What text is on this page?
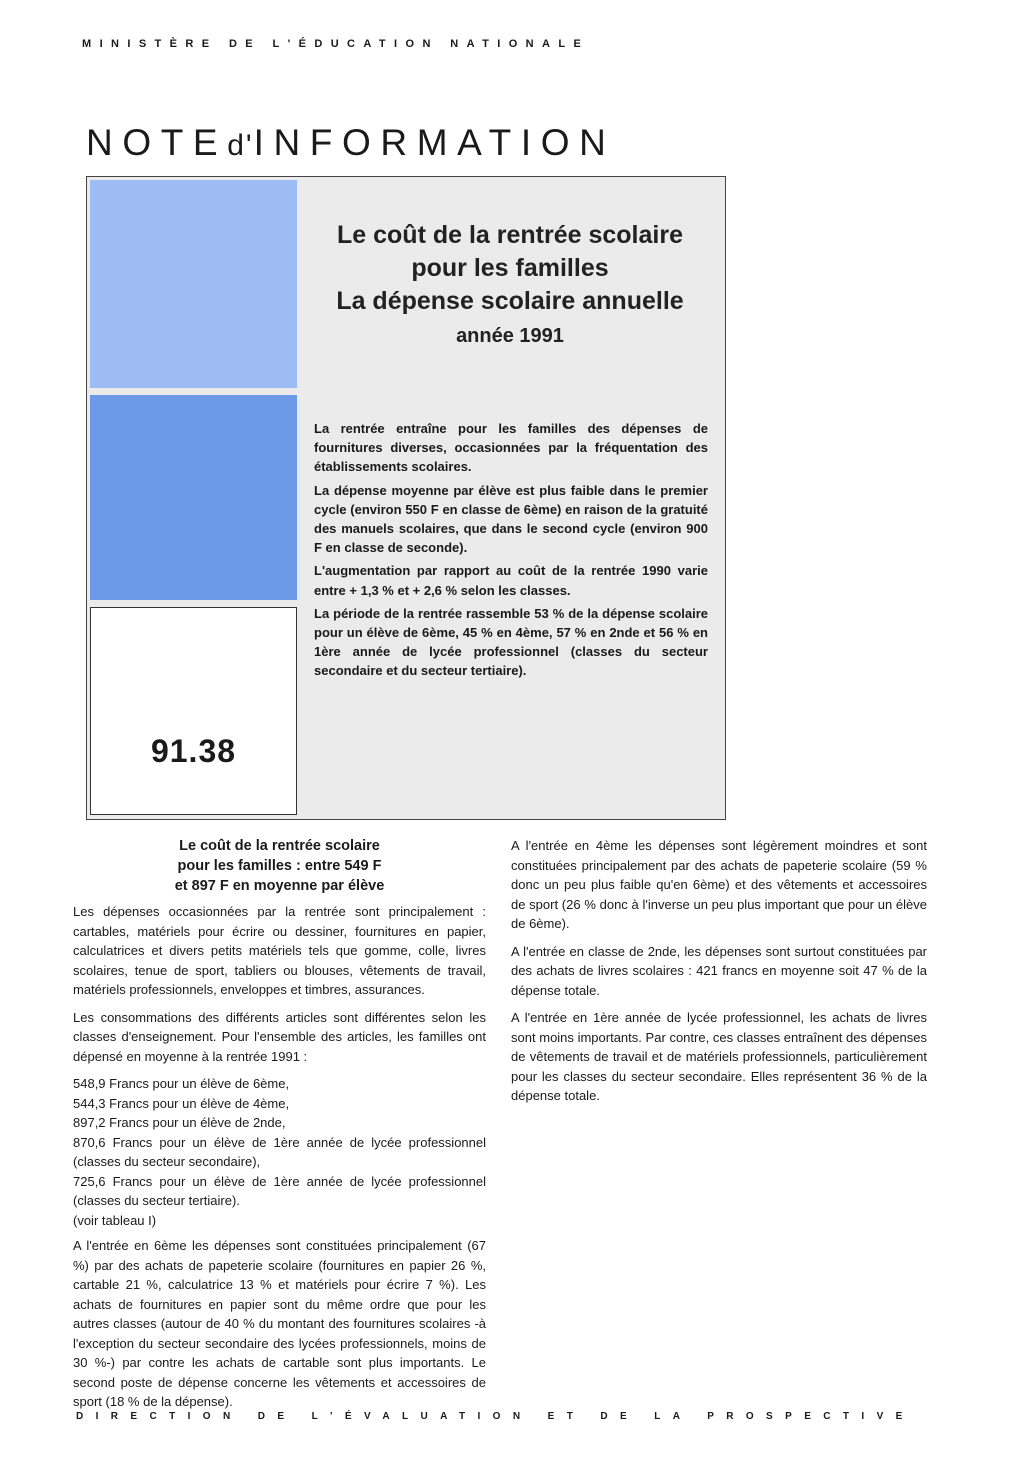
MINISTÈRE DE L'ÉDUCATION NATIONALE
NOTEd'INFORMATION
91.38
Le coût de la rentrée scolaire
pour les familles
La dépense scolaire annuelle
année 1991

La rentrée entraîne pour les familles des dépenses de fournitures diverses, occasionnées par la fréquentation des établissements scolaires.

La dépense moyenne par élève est plus faible dans le premier cycle (environ 550 F en classe de 6ème) en raison de la gratuité des manuels scolaires, que dans le second cycle (environ 900 F en classe de seconde).

L'augmentation par rapport au coût de la rentrée 1990 varie entre + 1,3 % et + 2,6 % selon les classes.

La période de la rentrée rassemble 53 % de la dépense scolaire pour un élève de 6ème, 45 % en 4ème, 57 % en 2nde et 56 % en 1ère année de lycée professionnel (classes du secteur secondaire et du secteur tertiaire).

Le coût de la rentrée scolaire
pour les familles : entre 549 F
et 897 F en moyenne par élève

Les dépenses occasionnées par la rentrée sont principalement : cartables, matériels pour écrire ou dessiner, fournitures en papier, calculatrices et divers petits matériels tels que gomme, colle, livres scolaires, tenue de sport, tabliers ou blouses, vêtements de travail, matériels professionnels, enveloppes et timbres, assurances.

Les consommations des différents articles sont différentes selon les classes d'enseignement. Pour l'ensemble des articles, les familles ont dépensé en moyenne à la rentrée 1991 :

548,9 Francs pour un élève de 6ème,
544,3 Francs pour un élève de 4ème,
897,2 Francs pour un élève de 2nde,
870,6 Francs pour un élève de 1ère année de lycée professionnel (classes du secteur secondaire),
725,6 Francs pour un élève de 1ère année de lycée professionnel (classes du secteur tertiaire).
(voir tableau I)

A l'entrée en 6ème les dépenses sont constituées principalement (67 %) par des achats de papeterie scolaire (fournitures en papier 26 %, cartable 21 %, calculatrice 13 % et matériels pour écrire 7 %). Les achats de fournitures en papier sont du même ordre que pour les autres classes (autour de 40 % du montant des fournitures scolaires -à l'exception du secteur secondaire des lycées professionnels, moins de 30 %-) par contre les achats de cartable sont plus importants. Le second poste de dépense concerne les vêtements et accessoires de sport (18 % de la dépense).

A l'entrée en 4ème les dépenses sont légèrement moindres et sont constituées principalement par des achats de papeterie scolaire (59 % donc un peu plus faible qu'en 6ème) et des vêtements et accessoires de sport (26 % donc à l'inverse un peu plus important que pour un élève de 6ème).

A l'entrée en classe de 2nde, les dépenses sont surtout constituées par des achats de livres scolaires : 421 francs en moyenne soit 47 % de la dépense totale.

A l'entrée en 1ère année de lycée professionnel, les achats de livres sont moins importants. Par contre, ces classes entraînent des dépenses de vêtements de travail et de matériels professionnels, particulièrement pour les classes du secteur secondaire. Elles représentent 36 % de la dépense totale.

DIRECTION DE L'ÉVALUATION ET DE LA PROSPECTIVE
